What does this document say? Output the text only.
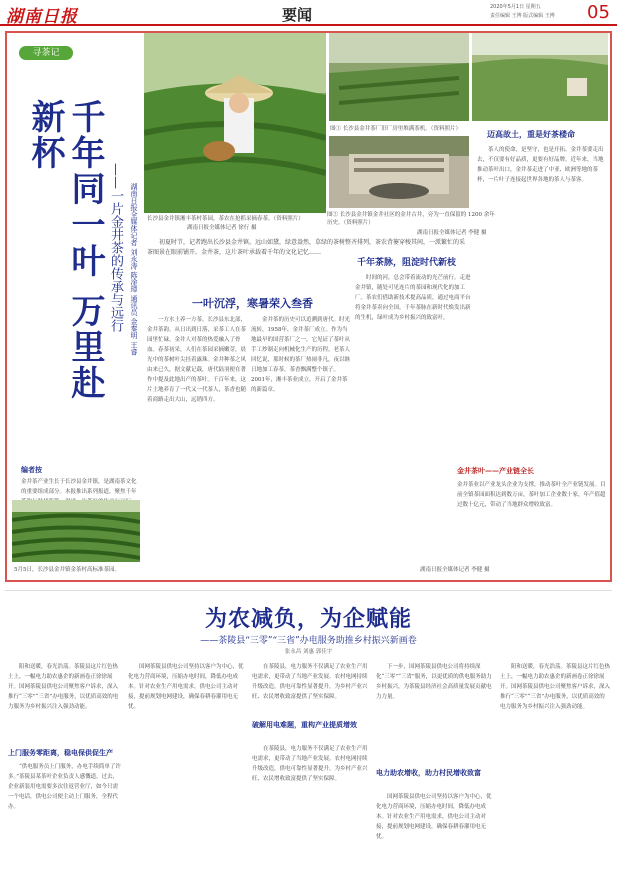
湖南日报	要闻	2020年5月1日 星期五
责任编辑 王博 版式编辑 王博 05
寻茶记
千年同一叶 万里赴新杯
——一片金井茶的传承与远行 湖南日报全媒体记者 刘永涛 陈淦璋 通讯员 金秦明 王睿 长沙县金井镇湘丰茶村茶园，茶农在抢抓采摘春茶。（资料照片）
湖南日报全媒体记者 徐行 摄
图① 长沙县金井茶厂旧厂房里堆满茶机。（资料照片）
图② 长沙县金井镇金井社区的金井古井，旁为一直保留的 1200 余年历史。（资料照片）
湖南日报全媒体记者 李健 摄
迈高故土，重是好茶楼命
茶人的使命，是坚守，也是开拓。金井茶要走出去，不仅要有好品质，更要有好品牌。近年来，当地推动茶叶出口，金井茶走进了中亚、欧洲等地的茶杯，一片叶子连接起世界各地的茶人与茶客。
初夏时节，记者跑出长沙县金井镇。远山如黛，绿意盎然，草绿的茶树整齐排列，茶农背篓穿梭其间，一派繁忙的采茶图景在眼前铺开。金井茶，这片茶叶承载着千年的文化记忆……
一叶沉浮，寒暑荣入叁香
一方水土养一方茶。长沙县东北部，金井茶韵。从日出到日落，采茶工人在茶园里忙碌，金井人对茶的热爱融入了骨血。春茶初采，人们在茶园采摘嫩芽，晨光中的茶树叶尖挂着露珠。金井种茶之风由来已久，据文献记载，唐代陆羽便在著作中提及此地出产的茶叶。千百年来，这片土地养育了一代又一代茶人，茶香也随着商路走出大山，远销四方。
金井茶的历史可以追溯到唐代。时光流转，1958年，金井茶厂成立。作为当地最早的国营茶厂之一，它见证了茶叶从手工炒制走向机械化生产的历程。老茶人回忆说，那时候的茶厂热闹非凡，夜以继日地加工春茶，茶香飘满整个镇子。2001年，湘丰茶业成立，开启了金井茶的新篇章。
千年茶脉，阻淀时代新枝
时间的河，总会带着流动的光芒前行。走进金井镇，随处可见连片的茶园和现代化的加工厂。茶农们借助新技术提高品质，通过电商平台将金井茶卖向全国。千年茶脉在新时代焕发出新的生机，绿叶成为乡村振兴的致富叶。
编者按
金井茶产业生长于长沙县金井镇，是湖南茶文化的重要组成部分。本报推出系列报道，聚焦千年
金井茶叶——产业链全长
金井茶业以产业龙头企业为支撑，推动茶叶全产业链发展。目前全镇茶园面积达到数万亩，茶叶加工企业数十家，年产值超过数十亿元，带动了当地群众增收致富。
5月5日，长沙县金井镇金茶村高标准茶园。	湖南日报全媒体记者 李健 摄
为农减负，为企赋能
——茶陵县“三零”“三省”办电服务助推乡村振兴新画卷
张永昌 刘惠 郭佳宇
阳和送暖，春光浩荡。茶陵县这片红色热土上，一幅电力助农惠企的新画卷正徐徐展开。国网茶陵县供电公司聚焦客户诉求，深入推行“三零”“三省”办电服务，以优质高效的电力服务为乡村振兴注入强劲动能。
上门服务零距离，稳电保供促生产
“供电服务员上门服务，办电手续简单了许多。”茶陵县某茶叶企业负责人感慨道。过去，企业新装用电需要多次往返营业厅，如今只需一个电话，供电公司便主动上门服务，全程代办。
国网茶陵县供电公司坚持以客户为中心，优化电力营商环境，压缩办电时间，降低办电成本。针对农业生产用电需求，供电公司主动对接，提前规划电网建设，确保春耕春灌用电无忧。
破解用电难题，重构产业提质增效
在茶陵县，电力服务不仅满足了农业生产用电需求，更带动了当地产业发展。农村电网持续升级改造，供电可靠性显著提升，为乡村产业兴旺、农民增收致富提供了坚实保障。
在茶陵县，电力服务不仅满足了农业生产用电需求，更带动了当地产业发展。农村电网持续升级改造，供电可靠性显著提升，为乡村产业兴旺、农民增收致富提供了坚实保障。
电力助农增收，助力村民增收致富
下一步，国网茶陵县供电公司将持续深化“三零”“三省”服务，以更优质的供电服务助力乡村振兴，为茶陵县经济社会高质量发展贡献电力力量。
国网茶陵县供电公司坚持以客户为中心，优化电力营商环境，压缩办电时间，降低办电成本。针对农业生产用电需求，供电公司主动对接，提前规划电网建设，确保春耕春灌用电无忧。
阳和送暖，春光浩荡。茶陵县这片红色热土上，一幅电力助农惠企的新画卷正徐徐展开。国网茶陵县供电公司聚焦客户诉求，深入推行“三零”“三省”办电服务，以优质高效的电力服务为乡村振兴注入强劲动能。
